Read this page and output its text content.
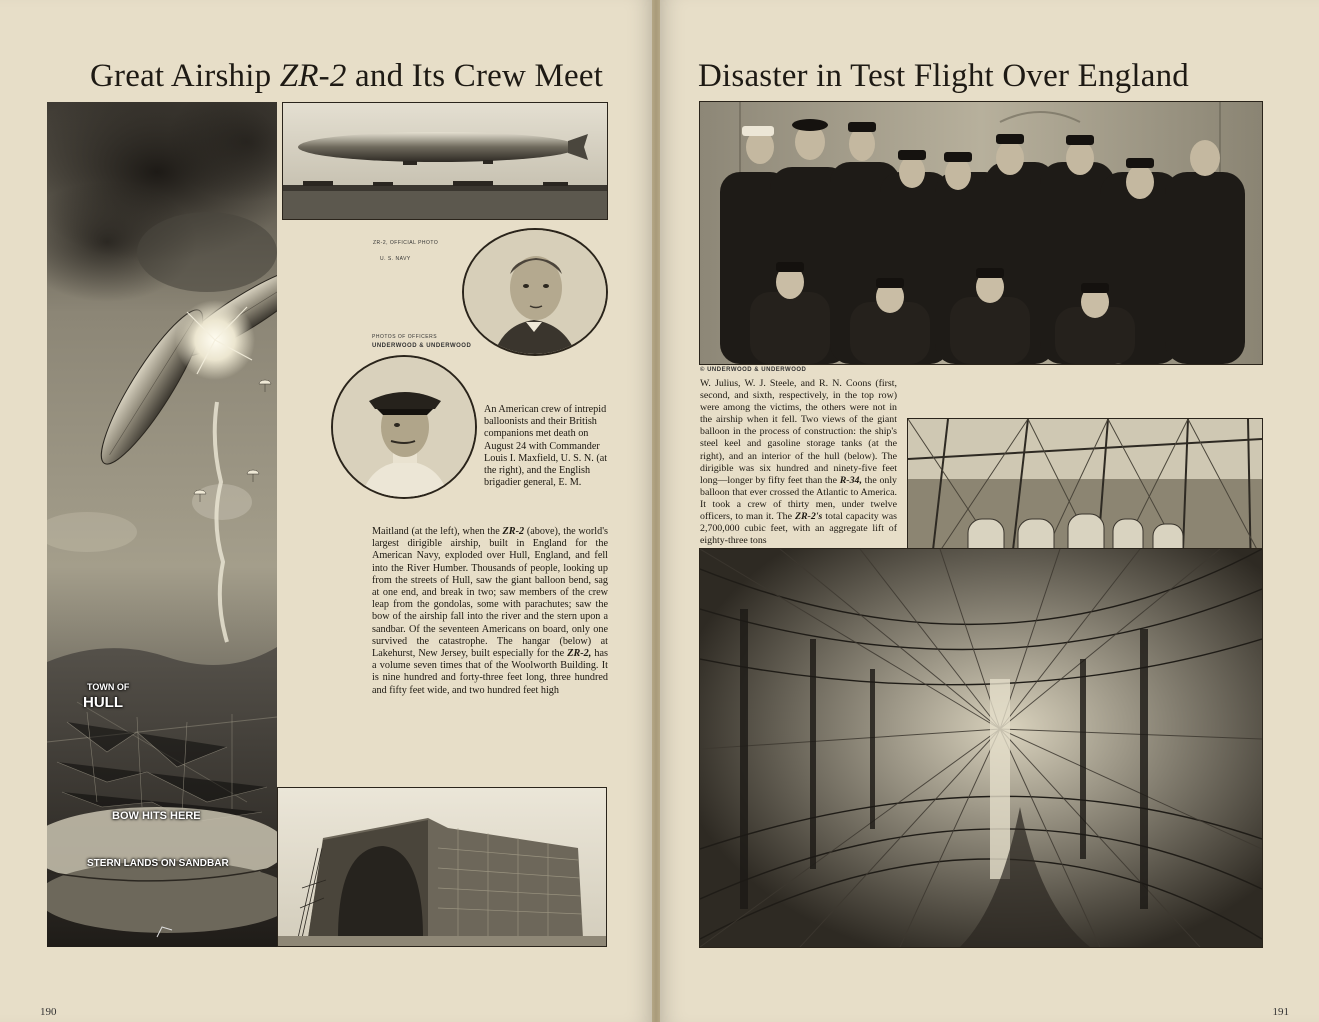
Great Airship ZR-2 and Its Crew Meet
TOWN OF
HULL
BOW HITS HERE
STERN LANDS ON SANDBAR
ZR-2, OFFICIAL PHOTO
U. S. NAVY
PHOTOS OF OFFICERS
UNDERWOOD & UNDERWOOD
An American crew of intrepid balloonists and their British companions met death on August 24 with Commander Louis I. Maxfield, U. S. N. (at the right), and the English brigadier general, E. M.
Maitland (at the left), when the ZR-2 (above), the world's largest dirigible airship, built in England for the American Navy, exploded over Hull, England, and fell into the River Humber. Thousands of people, looking up from the streets of Hull, saw the giant balloon bend, sag at one end, and break in two; saw members of the crew leap from the gondolas, some with parachutes; saw the bow of the airship fall into the river and the stern upon a sandbar. Of the seventeen Americans on board, only one survived the catastrophe. The hangar (below) at Lakehurst, New Jersey, built especially for the ZR-2, has a volume seven times that of the Woolworth Building. It is nine hundred and forty-three feet long, three hundred and fifty feet wide, and two hundred feet high
190
Disaster in Test Flight Over England
© UNDERWOOD & UNDERWOOD
W. Julius, W. J. Steele, and R. N. Coons (first, second, and sixth, respectively, in the top row) were among the victims, the others were not in the airship when it fell. Two views of the giant balloon in the process of construction: the ship's steel keel and gasoline storage tanks (at the right), and an interior of the hull (below). The dirigible was six hundred and ninety-five feet long—longer by fifty feet than the R-34, the only balloon that ever crossed the Atlantic to America. It took a crew of thirty men, under twelve officers, to man it. The ZR-2's total capacity was 2,700,000 cubic feet, with an aggregate lift of eighty-three tons
191
